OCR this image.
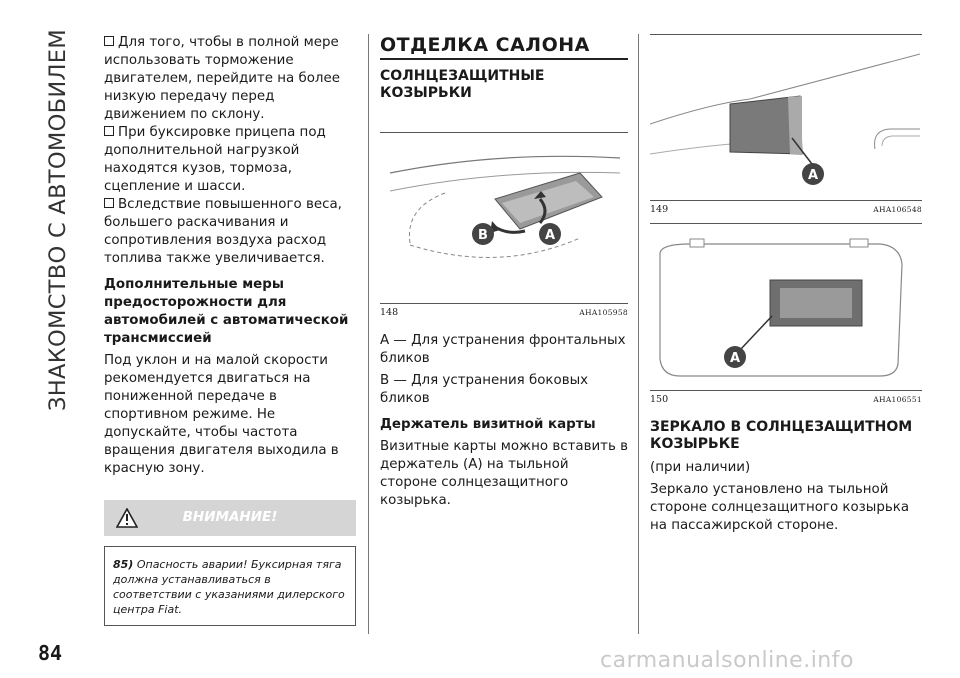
ЗНАКОМСТВО С АВТОМОБИЛЕМ	Для того, чтобы в полной мере использовать торможение двигателем, перейдите на более низкую передачу перед движением по склону.

При буксировке прицепа под дополнительной нагрузкой находятся кузов, тормоза, сцепление и шасси.

Вследствие повышенного веса, большего раскачивания и сопротивления воздуха расход топлива также увеличивается.

Дополнительные меры предосторожности для автомобилей с автоматической трансмиссией

Под уклон и на малой скорости рекомендуется двигаться на пониженной передаче в спортивном режиме. Не допускайте, чтобы частота вращения двигателя выходила в красную зону.

ВНИМАНИЕ!
85) Опасность аварии! Буксирная тяга должна устанавливаться в соответствии с указаниями дилерского центра Fiat.
ОТДЕЛКА САЛОНА
СОЛНЦЕЗАЩИТНЫЕ КОЗЫРЬКИ
B	A
148	AHA105958

A — Для устранения фронтальных бликов

B — Для устранения боковых бликов

Держатель визитной карты

Визитные карты можно вставить в держатель (A) на тыльной стороне солнцезащитного козырька.

A
149	AHA106548
A
150	AHA106551
ЗЕРКАЛО В СОЛНЦЕЗАЩИТНОМ КОЗЫРЬКЕ

(при наличии)

Зеркало установлено на тыльной стороне солнцезащитного козырька на пассажирской стороне.

84	carmanualsonline.info
